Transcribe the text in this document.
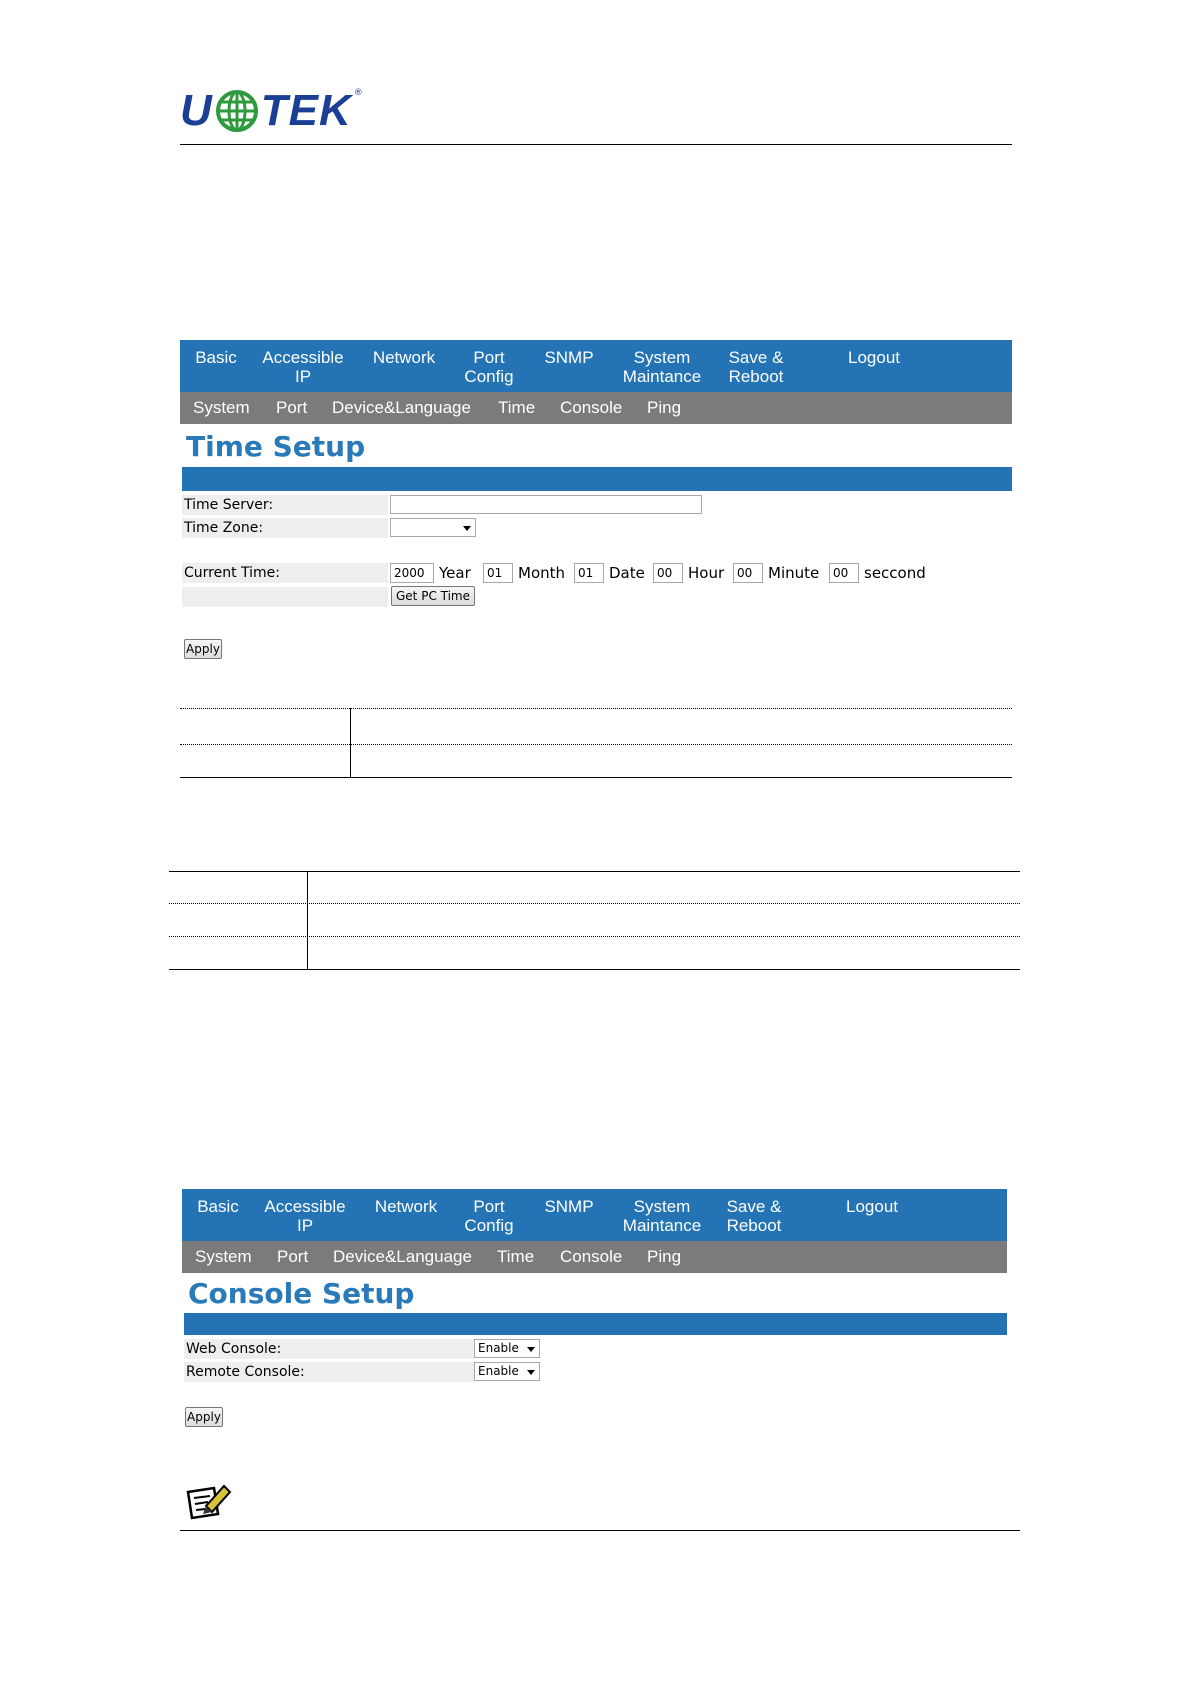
U TEK ®
Basic Accessible
IP
Network	Port
Config
SNMP	System
Maintance
Save &
Reboot
Logout
System Port Device&Language Time Console Ping
Time Setup
Time Server:
Time Zone:
Current Time:	2000 Year	01	Month	01	Date	00	Hour	00	Minute	00	seccond
Get PC Time
Apply
Basic Accessible
IP
Network	Port
Config
SNMP	System
Maintance
Save &
Reboot
Logout
System Port Device&Language Time Console Ping
Console Setup
Web Console:	Enable
Remote Console:	Enable
Apply
